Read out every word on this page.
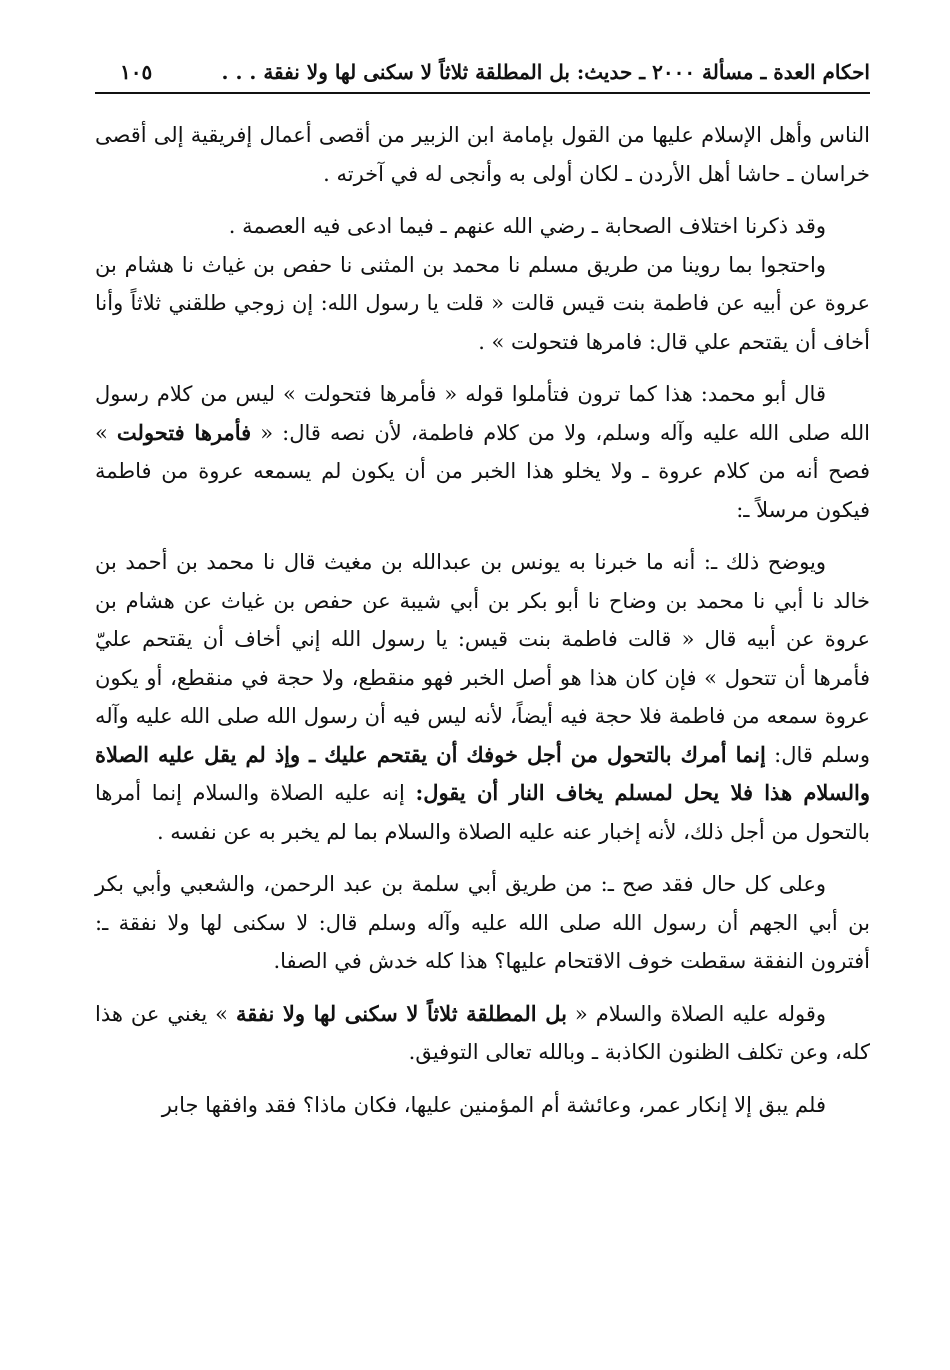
احكام العدة ـ مسألة ٢٠٠٠ ـ حديث: بل المطلقة ثلاثاً لا سكنى لها ولا نفقة . . .
١٠٥

الناس وأهل الإسلام عليها من القول بإمامة ابن الزبير من أقصى أعمال إفريقية إلى أقصى خراسان ـ حاشا أهل الأردن ـ لكان أولى به وأنجى له في آخرته .

وقد ذكرنا اختلاف الصحابة ـ رضي الله عنهم ـ فيما ادعى فيه العصمة .

واحتجوا بما روينا من طريق مسلم نا محمد بن المثنى نا حفص بن غياث نا هشام بن عروة عن أبيه عن فاطمة بنت قيس قالت « قلت يا رسول الله: إن زوجي طلقني ثلاثاً وأنا أخاف أن يقتحم علي قال: فامرها فتحولت » .

قال أبو محمد: هذا كما ترون فتأملوا قوله « فأمرها فتحولت » ليس من كلام رسول الله صلى الله عليه وآله وسلم، ولا من كلام فاطمة، لأن نصه قال: « فأمرها فتحولت » فصح أنه من كلام عروة ـ ولا يخلو هذا الخبر من أن يكون لم يسمعه عروة من فاطمة فيكون مرسلاً ـ:

ويوضح ذلك ـ: أنه ما خبرنا به يونس بن عبدالله بن مغيث قال نا محمد بن أحمد بن خالد نا أبي نا محمد بن وضاح نا أبو بكر بن أبي شيبة عن حفص بن غياث عن هشام بن عروة عن أبيه قال « قالت فاطمة بنت قيس: يا رسول الله إني أخاف أن يقتحم عليّ فأمرها أن تتحول » فإن كان هذا هو أصل الخبر فهو منقطع، ولا حجة في منقطع، أو يكون عروة سمعه من فاطمة فلا حجة فيه أيضاً، لأنه ليس فيه أن رسول الله صلى الله عليه وآله وسلم قال: إنما أمرك بالتحول من أجل خوفك أن يقتحم عليك ـ وإذ لم يقل عليه الصلاة والسلام هذا فلا يحل لمسلم يخاف النار أن يقول: إنه عليه الصلاة والسلام إنما أمرها بالتحول من أجل ذلك، لأنه إخبار عنه عليه الصلاة والسلام بما لم يخبر به عن نفسه .

وعلى كل حال فقد صح ـ: من طريق أبي سلمة بن عبد الرحمن، والشعبي وأبي بكر بن أبي الجهم أن رسول الله صلى الله عليه وآله وسلم قال: لا سكنى لها ولا نفقة ـ: أفترون النفقة سقطت خوف الاقتحام عليها؟ هذا كله خدش في الصفا.

وقوله عليه الصلاة والسلام « بل المطلقة ثلاثاً لا سكنى لها ولا نفقة » يغني عن هذا كله، وعن تكلف الظنون الكاذبة ـ وبالله تعالى التوفيق.

فلم يبق إلا إنكار عمر، وعائشة أم المؤمنين عليها، فكان ماذا؟ فقد وافقها جابر
